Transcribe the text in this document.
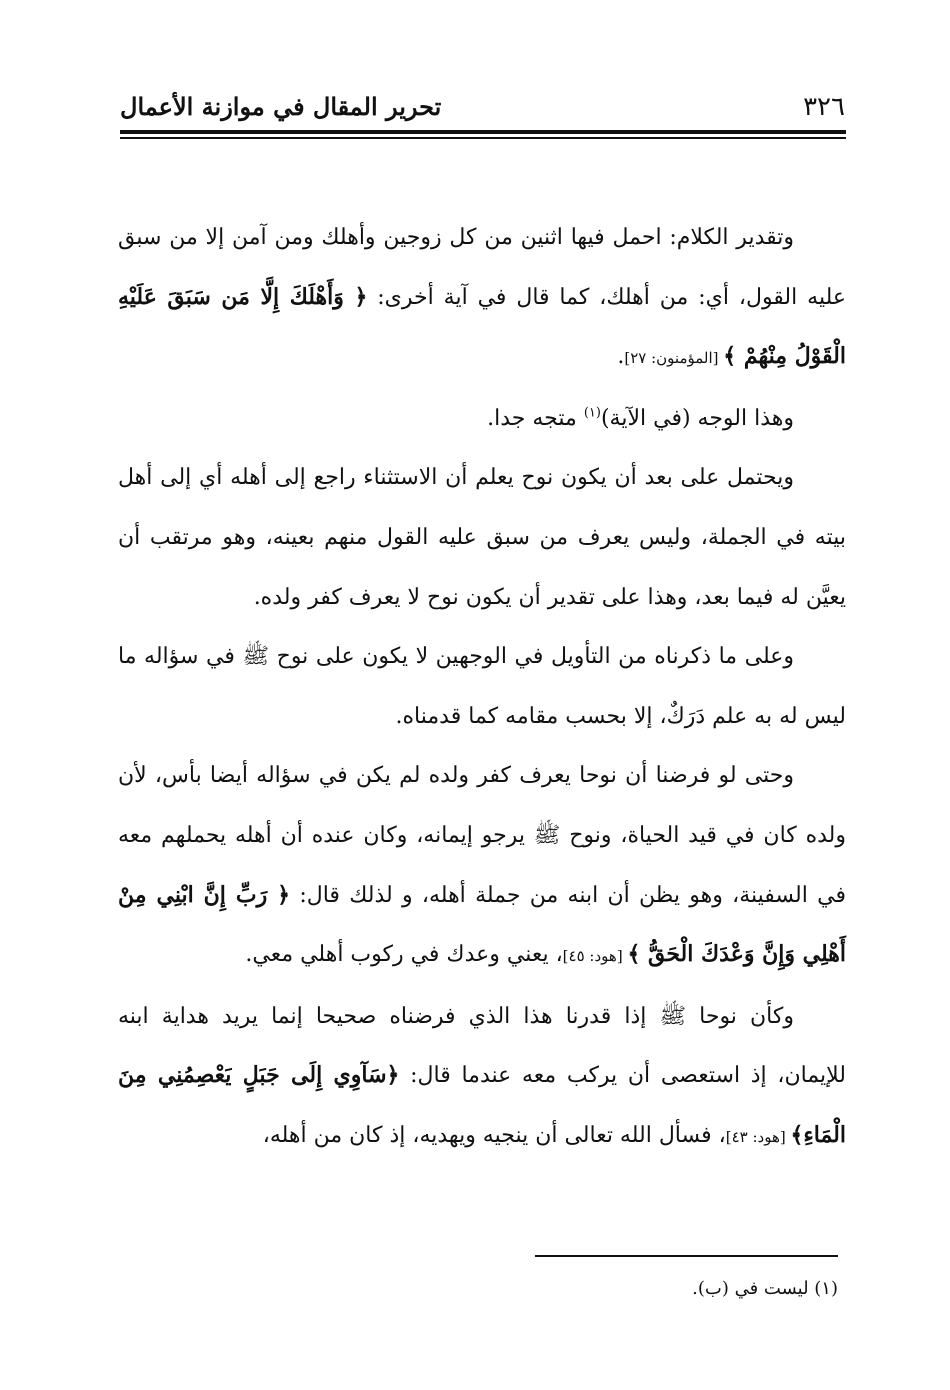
٣٢٦
تحرير المقال في موازنة الأعمال

وتقدير الكلام: احمل فيها اثنين من كل زوجين وأهلك ومن آمن إلا من سبق عليه القول، أي: من أهلك، كما قال في آية أخرى: ﴿ وَأَهْلَكَ إِلَّا مَن سَبَقَ عَلَيْهِ الْقَوْلُ مِنْهُمْ ﴾ [المؤمنون: ٢٧].

وهذا الوجه (في الآية)$^{(١)}$ متجه جدا.

ويحتمل على بعد أن يكون نوح يعلم أن الاستثناء راجع إلى أهله أي إلى أهل بيته في الجملة، وليس يعرف من سبق عليه القول منهم بعينه، وهو مرتقب أن يعيَّن له فيما بعد، وهذا على تقدير أن يكون نوح لا يعرف كفر ولده.

وعلى ما ذكرناه من التأويل في الوجهين لا يكون على نوح ﷺ في سؤاله ما ليس له به علم دَرَكٌ، إلا بحسب مقامه كما قدمناه.

وحتى لو فرضنا أن نوحا يعرف كفر ولده لم يكن في سؤاله أيضا بأس، لأن ولده كان في قيد الحياة، ونوح ﷺ يرجو إيمانه، وكان عنده أن أهله يحملهم معه في السفينة، وهو يظن أن ابنه من جملة أهله، و لذلك قال: ﴿ رَبِّ إِنَّ ابْنِي مِنْ أَهْلِي وَإِنَّ وَعْدَكَ الْحَقُّ ﴾ [هود: ٤٥]، يعني وعدك في ركوب أهلي معي.

وكأن نوحا ﷺ إذا قدرنا هذا الذي فرضناه صحيحا إنما يريد هداية ابنه للإيمان، إذ استعصى أن يركب معه عندما قال: ﴿سَآوِي إِلَى جَبَلٍ يَعْصِمُنِي مِنَ الْمَاءِ﴾ [هود: ٤٣]، فسأل الله تعالى أن ينجيه ويهديه، إذ كان من أهله،

(١) ليست في (ب).
